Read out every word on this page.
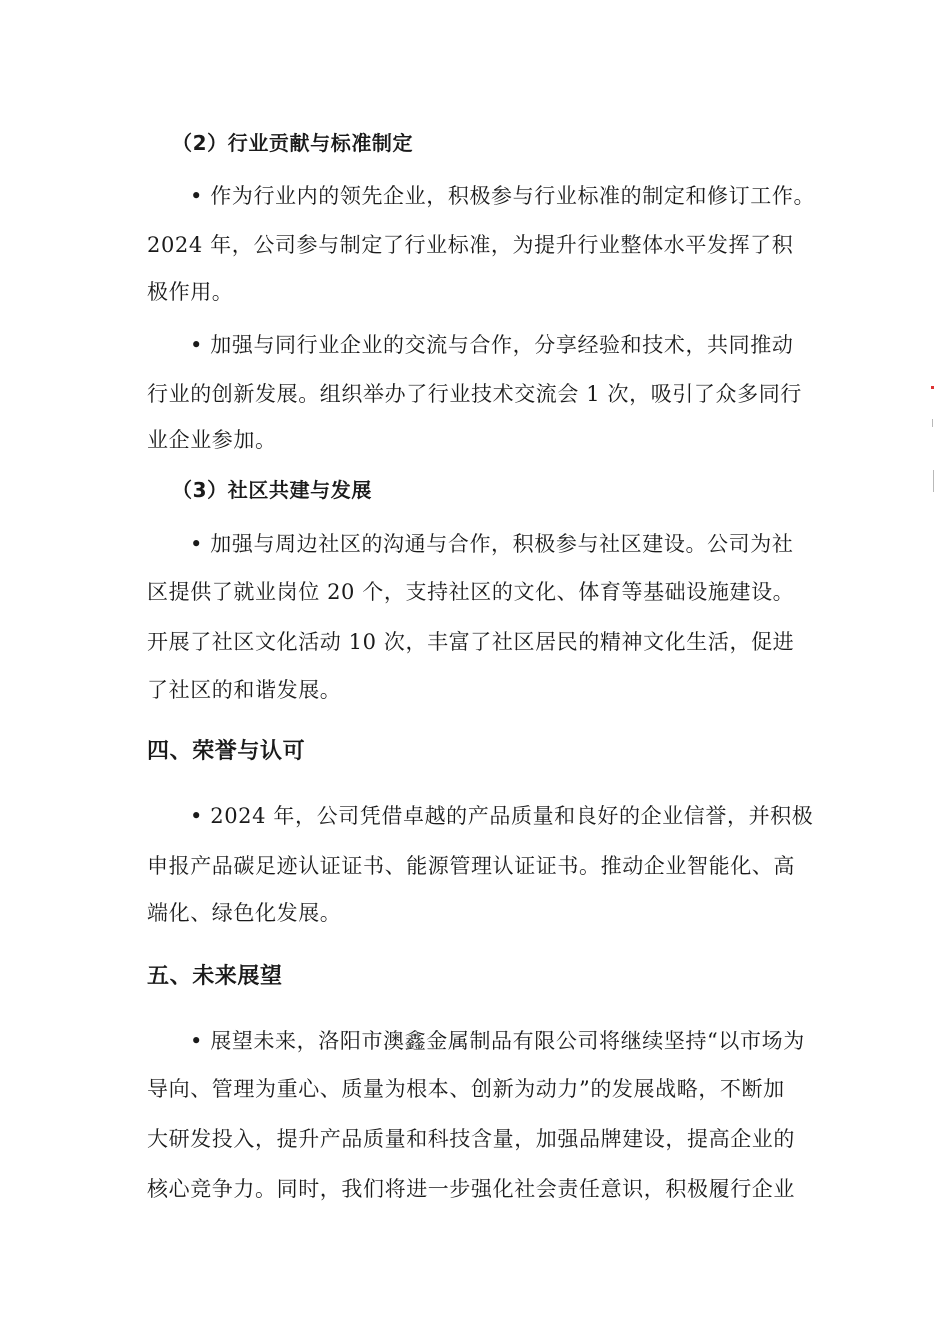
（2）行业贡献与标准制定
• 作为行业内的领先企业，积极参与行业标准的制定和修订工作。
2024 年，公司参与制定了行业标准，为提升行业整体水平发挥了积
极作用。
• 加强与同行业企业的交流与合作，分享经验和技术，共同推动
行业的创新发展。组织举办了行业技术交流会 1 次，吸引了众多同行
业企业参加。
（3）社区共建与发展
• 加强与周边社区的沟通与合作，积极参与社区建设。公司为社
区提供了就业岗位 20 个，支持社区的文化、体育等基础设施建设。
开展了社区文化活动 10 次，丰富了社区居民的精神文化生活，促进
了社区的和谐发展。
四、荣誉与认可
• 2024 年，公司凭借卓越的产品质量和良好的企业信誉，并积极
申报产品碳足迹认证证书、能源管理认证证书。推动企业智能化、高
端化、绿色化发展。
五、未来展望
• 展望未来，洛阳市澳鑫金属制品有限公司将继续坚持“以市场为
导向、管理为重心、质量为根本、创新为动力”的发展战略，不断加
大研发投入，提升产品质量和科技含量，加强品牌建设，提高企业的
核心竞争力。同时，我们将进一步强化社会责任意识，积极履行企业
